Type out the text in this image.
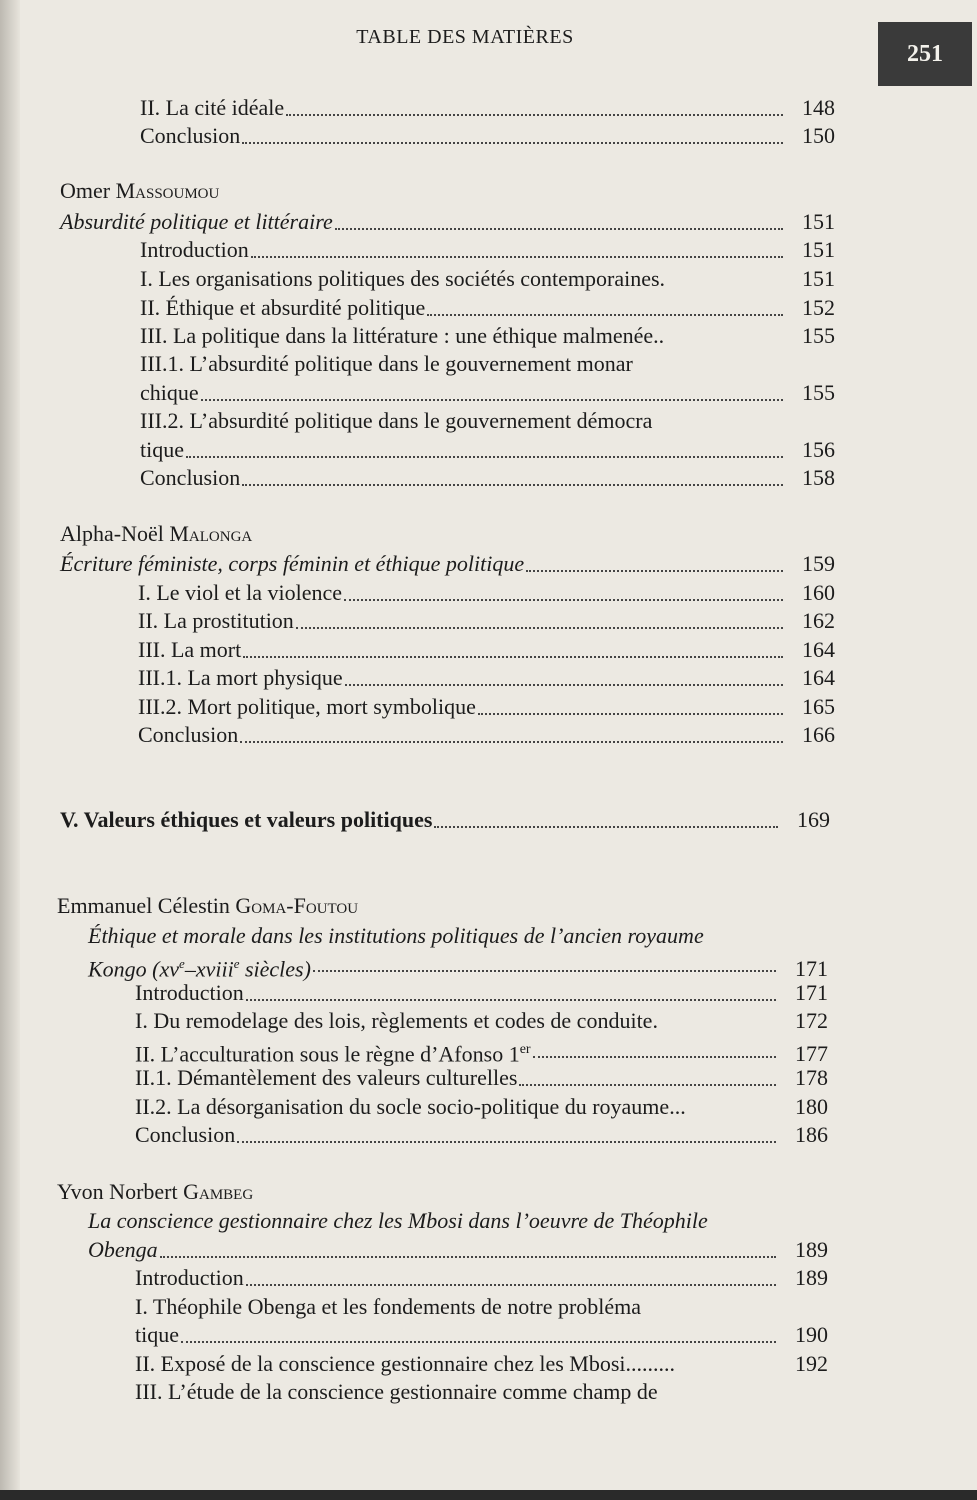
TABLE DES MATIÈRES
251
II. La cité idéale	148
Conclusion	150
Omer Massoumou
Absurdité politique et littéraire	151
Introduction	151
I. Les organisations politiques des sociétés contemporaines.	151
II. Éthique et absurdité politique	152
III. La politique dans la littérature : une éthique malmenée..	155
III.1. L’absurdité politique dans le gouvernement monar
chique	155
III.2. L’absurdité politique dans le gouvernement démocra
tique	156
Conclusion	158
Alpha-Noël Malonga
Écriture féministe, corps féminin et éthique politique	159
I. Le viol et la violence	160
II. La prostitution	162
III. La mort	164
III.1. La mort physique	164
III.2. Mort politique, mort symbolique	165
Conclusion	166
V. Valeurs éthiques et valeurs politiques	169
Emmanuel Célestin Goma-Foutou
Éthique et morale dans les institutions politiques de l’ancien royaume
Kongo ($xv^e-xviii^e$ siècles)	171
Introduction	171
I. Du remodelage des lois, règlements et codes de conduite.	172
II. L’acculturation sous le règne d’Afonso 1er	177
II.1. Démantèlement des valeurs culturelles	178
II.2. La désorganisation du socle socio-politique du royaume...	180
Conclusion	186
Yvon Norbert Gambeg
La conscience gestionnaire chez les Mbosi dans l’oeuvre de Théophile
Obenga	189
Introduction	189
I. Théophile Obenga et les fondements de notre probléma
tique	190
II. Exposé de la conscience gestionnaire chez les Mbosi.........	192
III. L’étude de la conscience gestionnaire comme champ de
